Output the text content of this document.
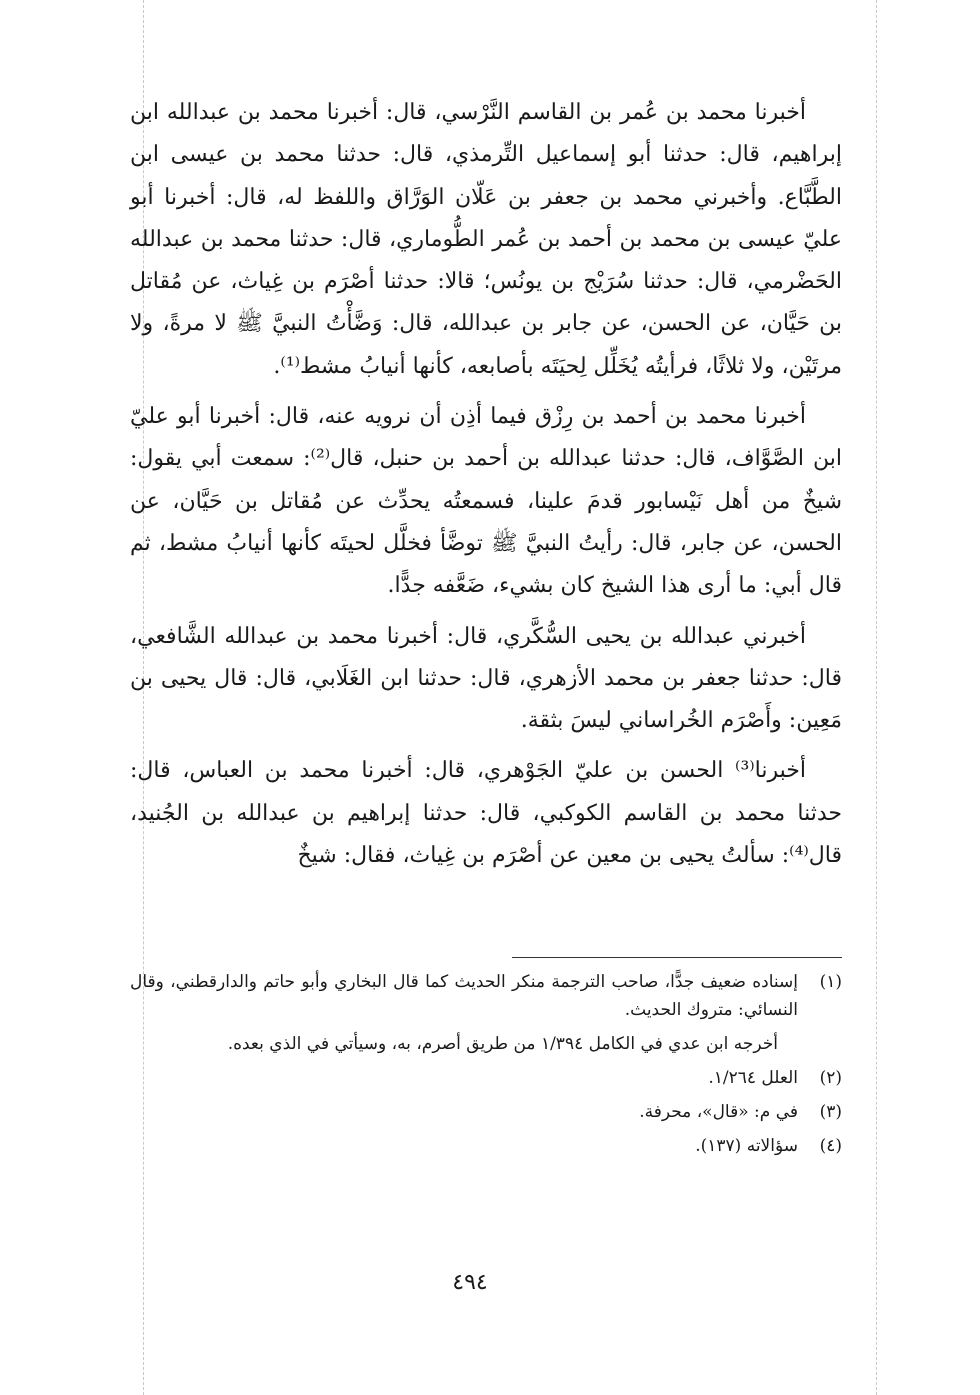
أخبرنا محمد بن عُمر بن القاسم النَّرْسي، قال: أخبرنا محمد بن عبدالله ابن إبراهيم، قال: حدثنا أبو إسماعيل التِّرمذي، قال: حدثنا محمد بن عيسى ابن الطَّبَّاع. وأخبرني محمد بن جعفر بن عَلّان الوَرَّاق واللفظ له، قال: أخبرنا أبو عليّ عيسى بن محمد بن أحمد بن عُمر الطُّوماري، قال: حدثنا محمد بن عبدالله الحَضْرمي، قال: حدثنا سُرَيْج بن يونُس؛ قالا: حدثنا أصْرَم بن غِياث، عن مُقاتل بن حَيَّان، عن الحسن، عن جابر بن عبدالله، قال: وَضَّأْتُ النبيَّ ﷺ لا مرةً، ولا مرتَيْن، ولا ثلاثًا، فرأيتُه يُخَلِّل لِحيَتَه بأصابعه، كأنها أنيابُ مشط⁽¹⁾.

أخبرنا محمد بن أحمد بن رِزْق فيما أذِن أن نرويه عنه، قال: أخبرنا أبو عليّ ابن الصَّوَّاف، قال: حدثنا عبدالله بن أحمد بن حنبل، قال⁽²⁾: سمعت أبي يقول: شيخٌ من أهل نَيْسابور قدمَ علينا، فسمعتُه يحدِّث عن مُقاتل بن حَيَّان، عن الحسن، عن جابر، قال: رأيتُ النبيَّ ﷺ توضَّأ فخلَّل لحيتَه كأنها أنيابُ مشط، ثم قال أبي: ما أرى هذا الشيخ كان بشيء، ضَعَّفه جدًّا.

أخبرني عبدالله بن يحيى السُّكَّري، قال: أخبرنا محمد بن عبدالله الشَّافعي، قال: حدثنا جعفر بن محمد الأزهري، قال: حدثنا ابن الغَلَابي، قال: قال يحيى بن مَعِين: وأَصْرَم الخُراساني ليسَ بثقة.

أخبرنا⁽³⁾ الحسن بن عليّ الجَوْهري، قال: أخبرنا محمد بن العباس، قال: حدثنا محمد بن القاسم الكوكبي، قال: حدثنا إبراهيم بن عبدالله بن الجُنيد، قال⁽⁴⁾: سألتُ يحيى بن معين عن أصْرَم بن غِياث، فقال: شيخٌ

(١)
إسناده ضعيف جدًّا، صاحب الترجمة منكر الحديث كما قال البخاري وأبو حاتم والدارقطني، وقال النسائي: متروك الحديث.
أخرجه ابن عدي في الكامل ١/٣٩٤ من طريق أصرم، به، وسيأتي في الذي بعده.
(٢)
العلل ١/٢٦٤.
(٣)
في م: «قال»، محرفة.
(٤)
سؤالاته (١٣٧).
٤٩٤
